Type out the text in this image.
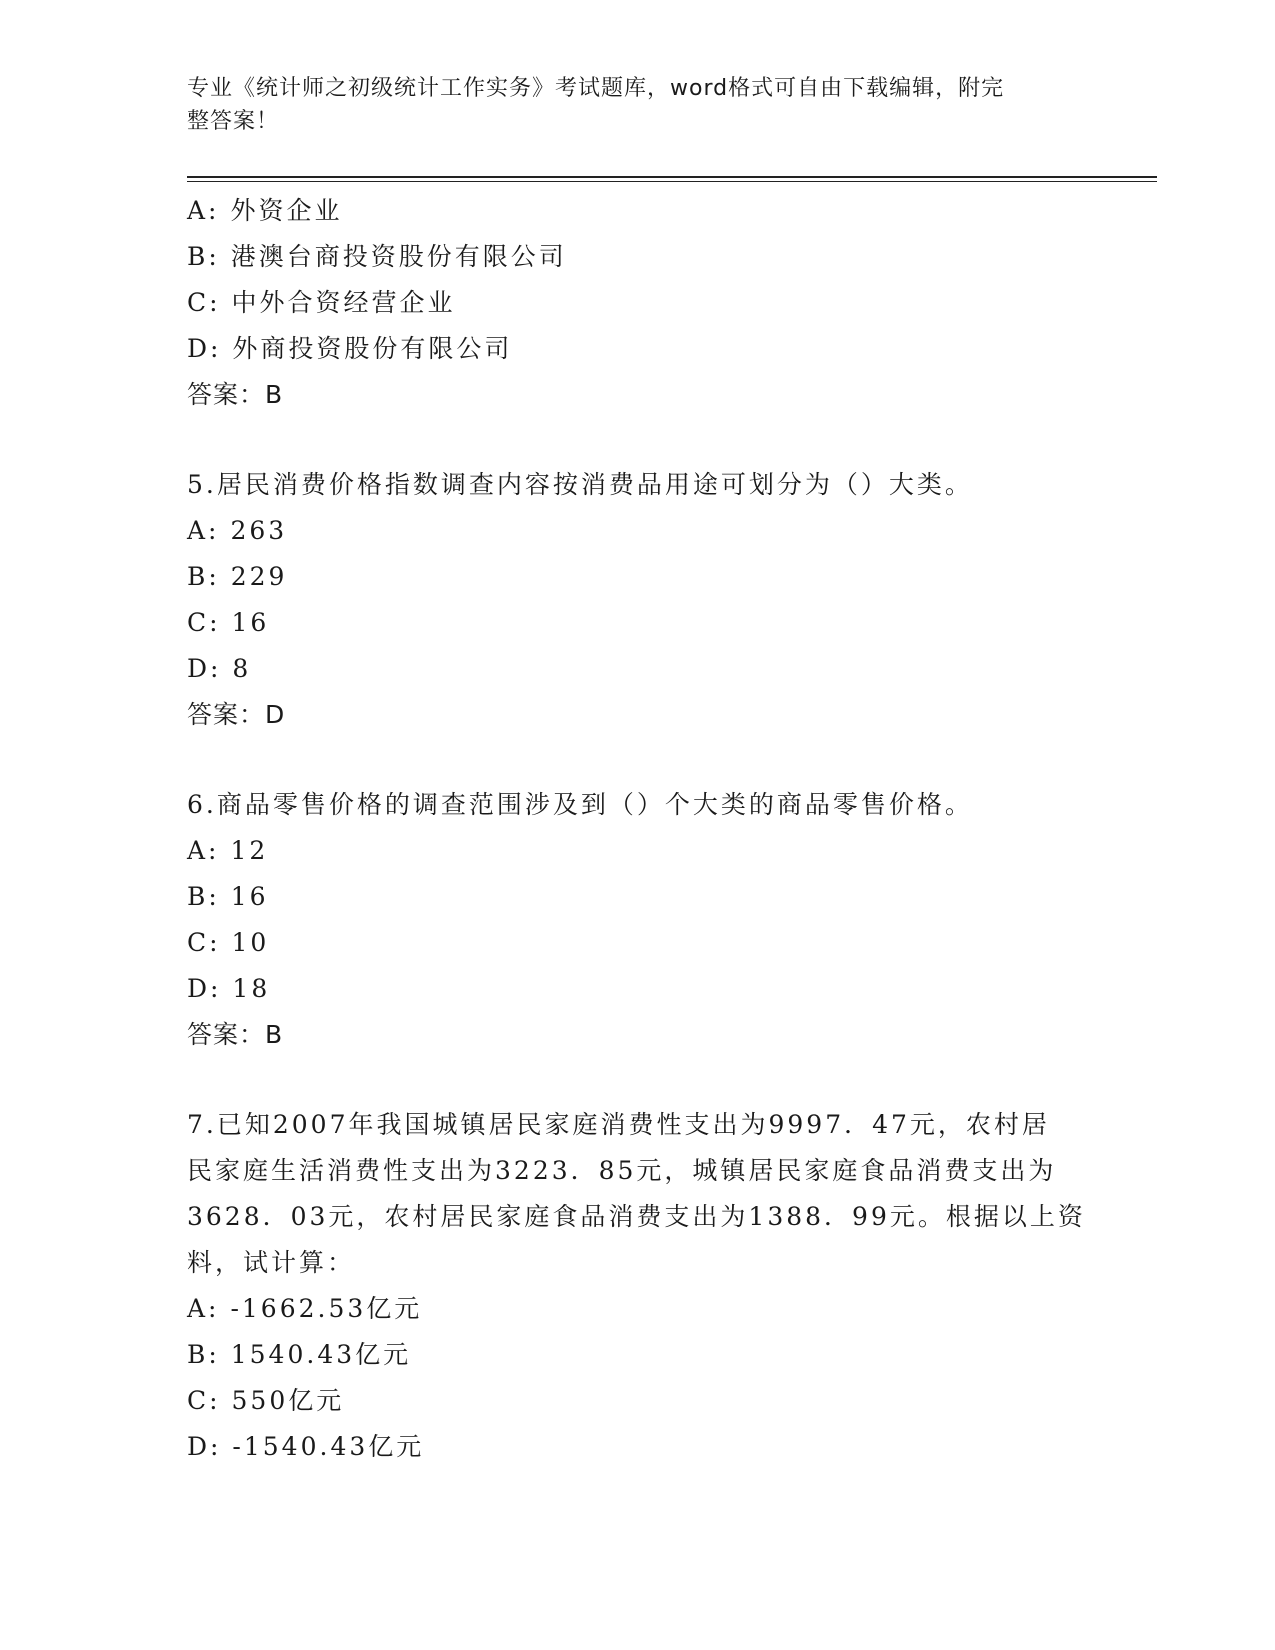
专业《统计师之初级统计工作实务》考试题库，word格式可自由下载编辑，附完
整答案！
A: 外资企业
B: 港澳台商投资股份有限公司
C: 中外合资经营企业
D: 外商投资股份有限公司
答案：B
5.居民消费价格指数调查内容按消费品用途可划分为（）大类。
A: 263
B: 229
C: 16
D: 8
答案：D
6.商品零售价格的调查范围涉及到（）个大类的商品零售价格。
A: 12
B: 16
C: 10
D: 18
答案：B
7.已知2007年我国城镇居民家庭消费性支出为9997．47元，农村居
民家庭生活消费性支出为3223．85元，城镇居民家庭食品消费支出为
3628．03元，农村居民家庭食品消费支出为1388．99元。根据以上资
料，试计算：
A: -1662.53亿元
B: 1540.43亿元
C: 550亿元
D: -1540.43亿元
